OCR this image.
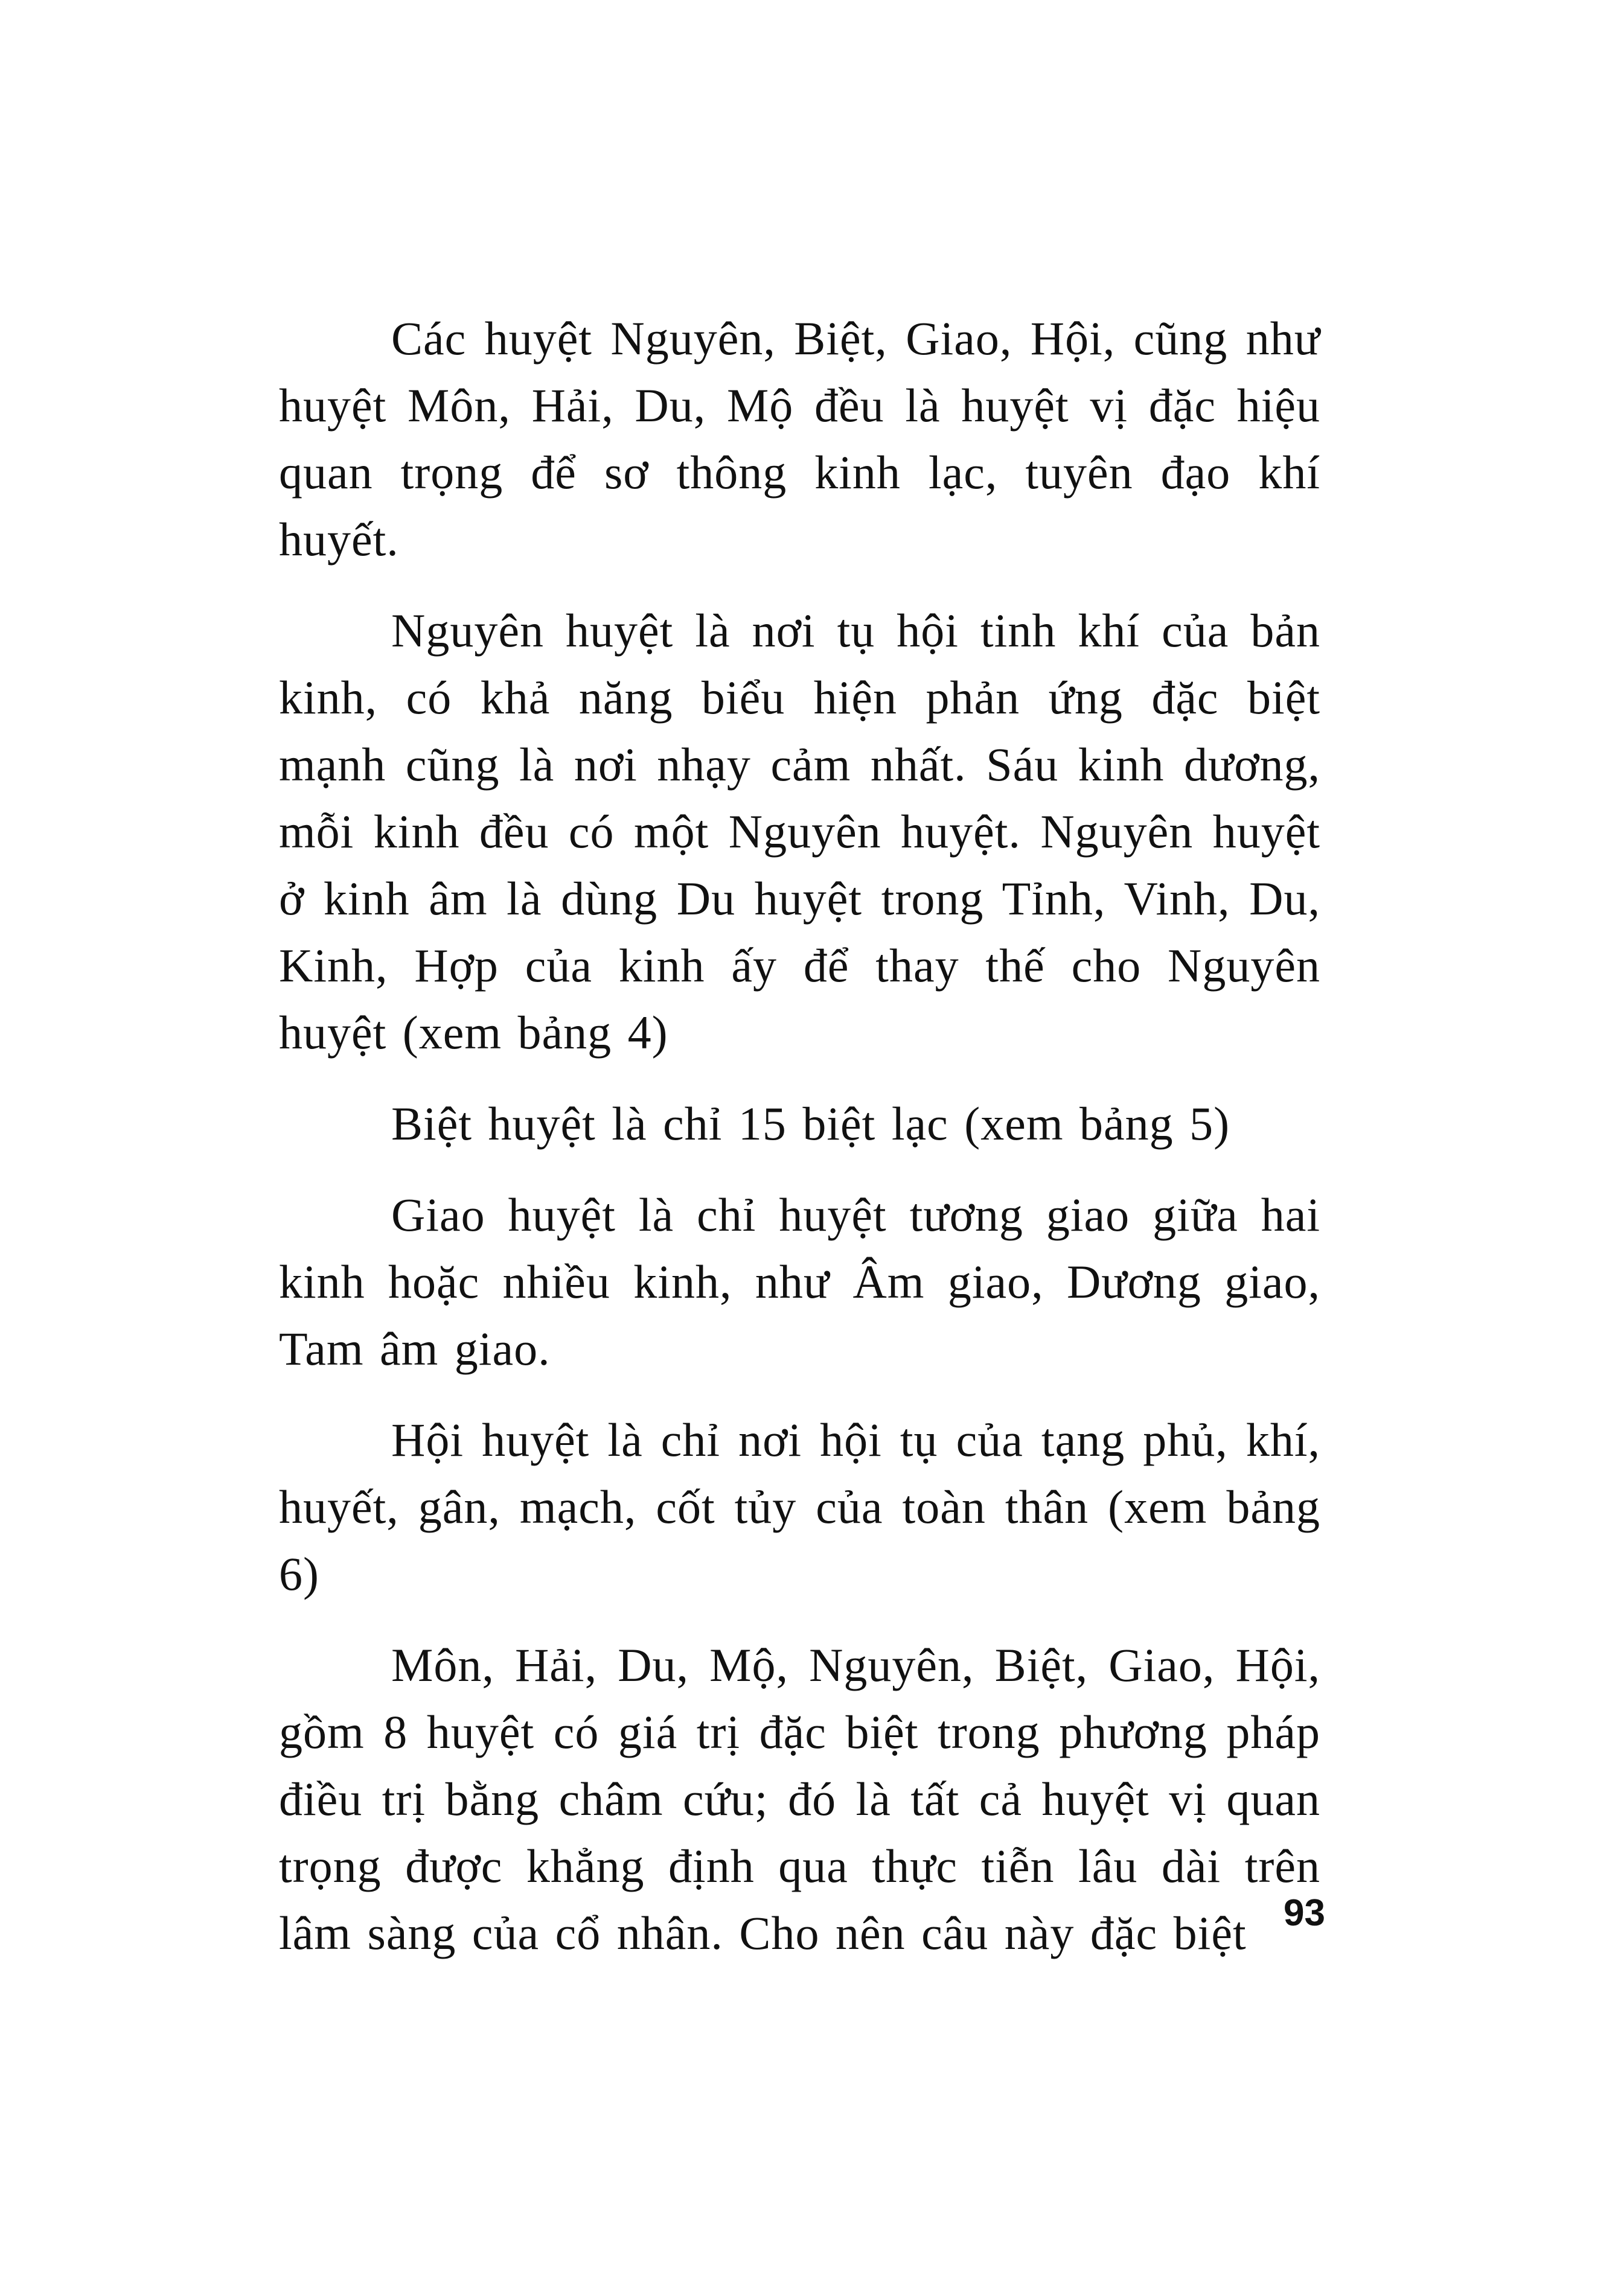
Các huyệt Nguyên, Biệt, Giao, Hội, cũng như huyệt Môn, Hải, Du, Mộ đều là huyệt vị đặc hiệu quan trọng để sơ thông kinh lạc, tuyên đạo khí huyết.

Nguyên huyệt là nơi tụ hội tinh khí của bản kinh, có khả năng biểu hiện phản ứng đặc biệt mạnh cũng là nơi nhạy cảm nhất. Sáu kinh dương, mỗi kinh đều có một Nguyên huyệt. Nguyên huyệt ở kinh âm là dùng Du huyệt trong Tỉnh, Vinh, Du, Kinh, Hợp của kinh ấy để thay thế cho Nguyên huyệt (xem bảng 4)

Biệt huyệt là chỉ 15 biệt lạc (xem bảng 5)

Giao huyệt là chỉ huyệt tương giao giữa hai kinh hoặc nhiều kinh, như Âm giao, Dương giao, Tam âm giao.

Hội huyệt là chỉ nơi hội tụ của tạng phủ, khí, huyết, gân, mạch, cốt tủy của toàn thân (xem bảng 6)

Môn, Hải, Du, Mộ, Nguyên, Biệt, Giao, Hội, gồm 8 huyệt có giá trị đặc biệt trong phương pháp điều trị bằng châm cứu; đó là tất cả huyệt vị quan trọng được khẳng định qua thực tiễn lâu dài trên lâm sàng của cổ nhân. Cho nên câu này đặc biệt 93
